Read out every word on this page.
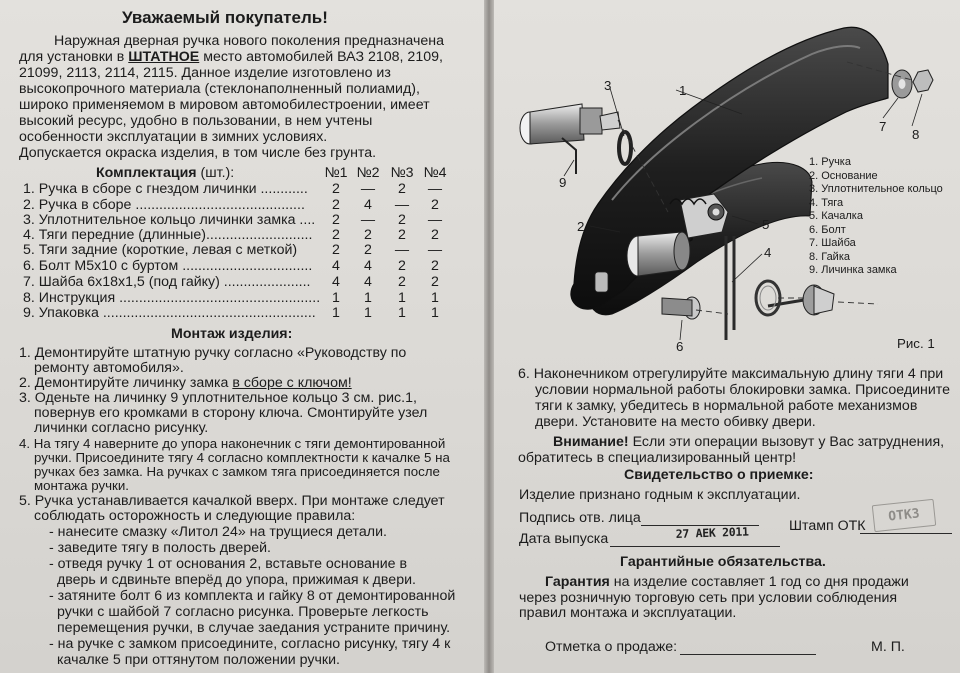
Уважаемый покупатель!

Наружная дверная ручка нового поколения предназначена

для установки в ШТАТНОЕ место автомобилей ВАЗ 2108, 2109,

21099, 2113, 2114, 2115. Данное изделие изготовлено из

высокопрочного материала (стеклонаполненный полиамид),

широко применяемом в мировом автомобилестроении, имеет

высокий ресурс, удобно в пользовании, в нем учтены

особенности эксплуатации в зимних условиях.

Допускается окраска изделия, в том числе без грунта.

Комплектация (шт.):	№1 №2 №3 №4

1. Ручка в сборе с гнездом личинки ............	2	—	2	—

2. Ручка в сборе ...........................................	2	4	—	2

3. Уплотнительное кольцо личинки замка ....	2	—	2	—

4. Тяги передние (длинные)...........................	2	2	2	2

5. Тяги задние (короткие, левая с меткой)	2	2	—	—

6. Болт М5х10 с буртом .................................	4	4	2	2

7. Шайба 6х18х1,5 (под гайку) ......................	4	4	2	2

8. Инструкция ................................................... 1	1	1	1

9. Упаковка ......................................................	1	1	1	1

Монтаж изделия:

1. Демонтируйте штатную ручку согласно «Руководству по

ремонту автомобиля».

2. Демонтируйте личинку замка в сборе с ключом!

3. Оденьте на личинку 9 уплотнительное кольцо 3 см. рис.1,

повернув его кромками в сторону ключа. Смонтируйте узел

личинки согласно рисунку.

4. На тягу 4 наверните до упора наконечник с тяги демонтированной

ручки. Присоедините тягу 4 согласно комплектности к качалке 5 на

ручках без замка. На ручках с замком тяга присоединяется после

монтажа ручки.

5. Ручка устанавливается качалкой вверх. При монтаже следует

соблюдать осторожность и следующие правила:

- нанесите смазку «Литол 24» на трущиеся детали.

- заведите тягу в полость дверей.

- отведя ручку 1 от основания 2, вставьте основание в

дверь и сдвиньте вперёд до упора, прижимая к двери.

- затяните болт 6 из комплекта и гайку 8 от демонтированной

ручки с шайбой 7 согласно рисунка. Проверьте легкость

перемещения ручки, в случае заедания устраните причину.

- на ручке с замком присоедините, согласно рисунку, тягу 4 к

качалке 5 при оттянутом положении ручки.

1
2
3
4
5
6
7
8
9
1. Ручка
2. Основание
3. Уплотнительное кольцо
4. Тяга
5. Качалка
6. Болт
7. Шайба
8. Гайка
9. Личинка замка
Рис. 1

6. Наконечником отрегулируйте максимальную длину тяги 4 при

условии нормальной работы блокировки замка. Присоедините

тяги к замку, убедитесь в нормальной работе механизмов

двери. Установите на место обивку двери.

Внимание! Если эти операции вызовут у Вас затруднения,

обратитесь в специализированный центр!

Свидетельство о приемке:

Изделие признано годным к эксплуатации.

Подпись отв. лица	Штамп ОТК

ОТК3

Дата выпуска	27 АЕК 2011

Гарантийные обязательства.

Гарантия на изделие составляет 1 год со дня продажи

через розничную торговую сеть при условии соблюдения

правил монтажа и эксплуатации.

Отметка о продаже:	М. П.
